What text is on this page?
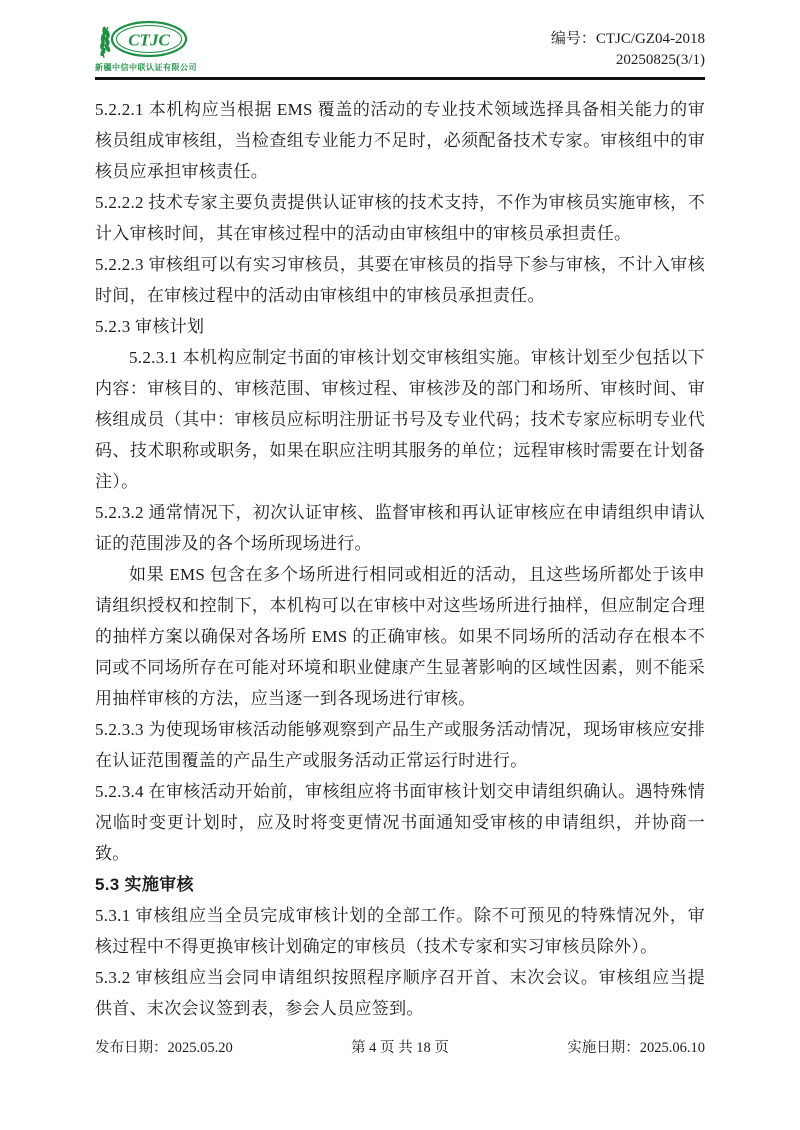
CTJC
新疆中信中联认证有限公司
编号：CTJC/GZ04-2018
20250825(3/1)

5.2.2.1 本机构应当根据 EMS 覆盖的活动的专业技术领域选择具备相关能力的审核员组成审核组，当检查组专业能力不足时，必须配备技术专家。审核组中的审核员应承担审核责任。

5.2.2.2 技术专家主要负责提供认证审核的技术支持，不作为审核员实施审核，不计入审核时间，其在审核过程中的活动由审核组中的审核员承担责任。

5.2.2.3 审核组可以有实习审核员，其要在审核员的指导下参与审核，不计入审核时间，在审核过程中的活动由审核组中的审核员承担责任。

5.2.3 审核计划

5.2.3.1 本机构应制定书面的审核计划交审核组实施。审核计划至少包括以下内容：审核目的、审核范围、审核过程、审核涉及的部门和场所、审核时间、审核组成员（其中：审核员应标明注册证书号及专业代码；技术专家应标明专业代码、技术职称或职务，如果在职应注明其服务的单位；远程审核时需要在计划备注）。

5.2.3.2 通常情况下，初次认证审核、监督审核和再认证审核应在申请组织申请认证的范围涉及的各个场所现场进行。

如果 EMS 包含在多个场所进行相同或相近的活动，且这些场所都处于该申请组织授权和控制下，本机构可以在审核中对这些场所进行抽样，但应制定合理的抽样方案以确保对各场所 EMS 的正确审核。如果不同场所的活动存在根本不同或不同场所存在可能对环境和职业健康产生显著影响的区域性因素，则不能采用抽样审核的方法，应当逐一到各现场进行审核。

5.2.3.3 为使现场审核活动能够观察到产品生产或服务活动情况，现场审核应安排在认证范围覆盖的产品生产或服务活动正常运行时进行。

5.2.3.4 在审核活动开始前，审核组应将书面审核计划交申请组织确认。遇特殊情况临时变更计划时，应及时将变更情况书面通知受审核的申请组织，并协商一致。

5.3 实施审核

5.3.1 审核组应当全员完成审核计划的全部工作。除不可预见的特殊情况外，审核过程中不得更换审核计划确定的审核员（技术专家和实习审核员除外）。

5.3.2 审核组应当会同申请组织按照程序顺序召开首、末次会议。审核组应当提供首、末次会议签到表，参会人员应签到。

发布日期：2025.05.20	第 4 页 共 18 页	实施日期：2025.06.10
